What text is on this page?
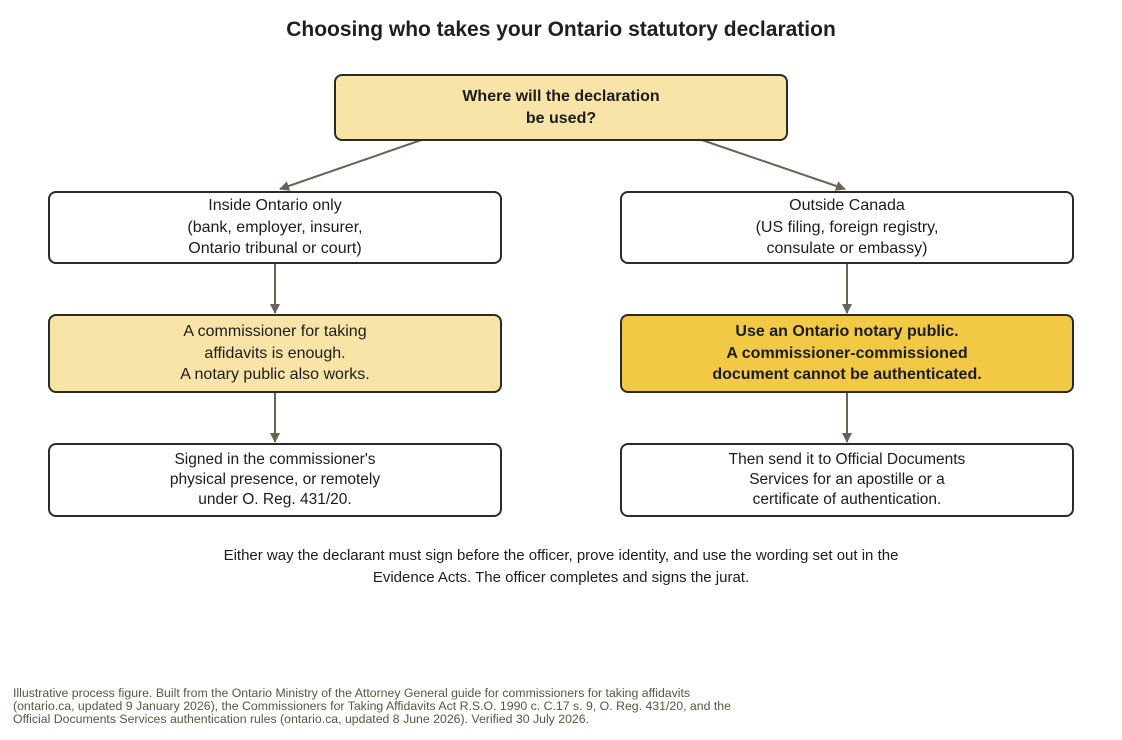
Choosing who takes your Ontario statutory declaration
Where will the declaration
be used?
Inside Ontario only
(bank, employer, insurer,
Ontario tribunal or court)
Outside Canada
(US filing, foreign registry,
consulate or embassy)
A commissioner for taking
affidavits is enough.
A notary public also works.
Use an Ontario notary public.
A commissioner-commissioned
document cannot be authenticated.
Signed in the commissioner's
physical presence, or remotely
under O. Reg. 431/20.
Then send it to Official Documents
Services for an apostille or a
certificate of authentication.
Either way the declarant must sign before the officer, prove identity, and use the wording set out in the
Evidence Acts. The officer completes and signs the jurat.
Illustrative process figure. Built from the Ontario Ministry of the Attorney General guide for commissioners for taking affidavits
(ontario.ca, updated 9 January 2026), the Commissioners for Taking Affidavits Act R.S.O. 1990 c. C.17 s. 9, O. Reg. 431/20, and the
Official Documents Services authentication rules (ontario.ca, updated 8 June 2026). Verified 30 July 2026.
